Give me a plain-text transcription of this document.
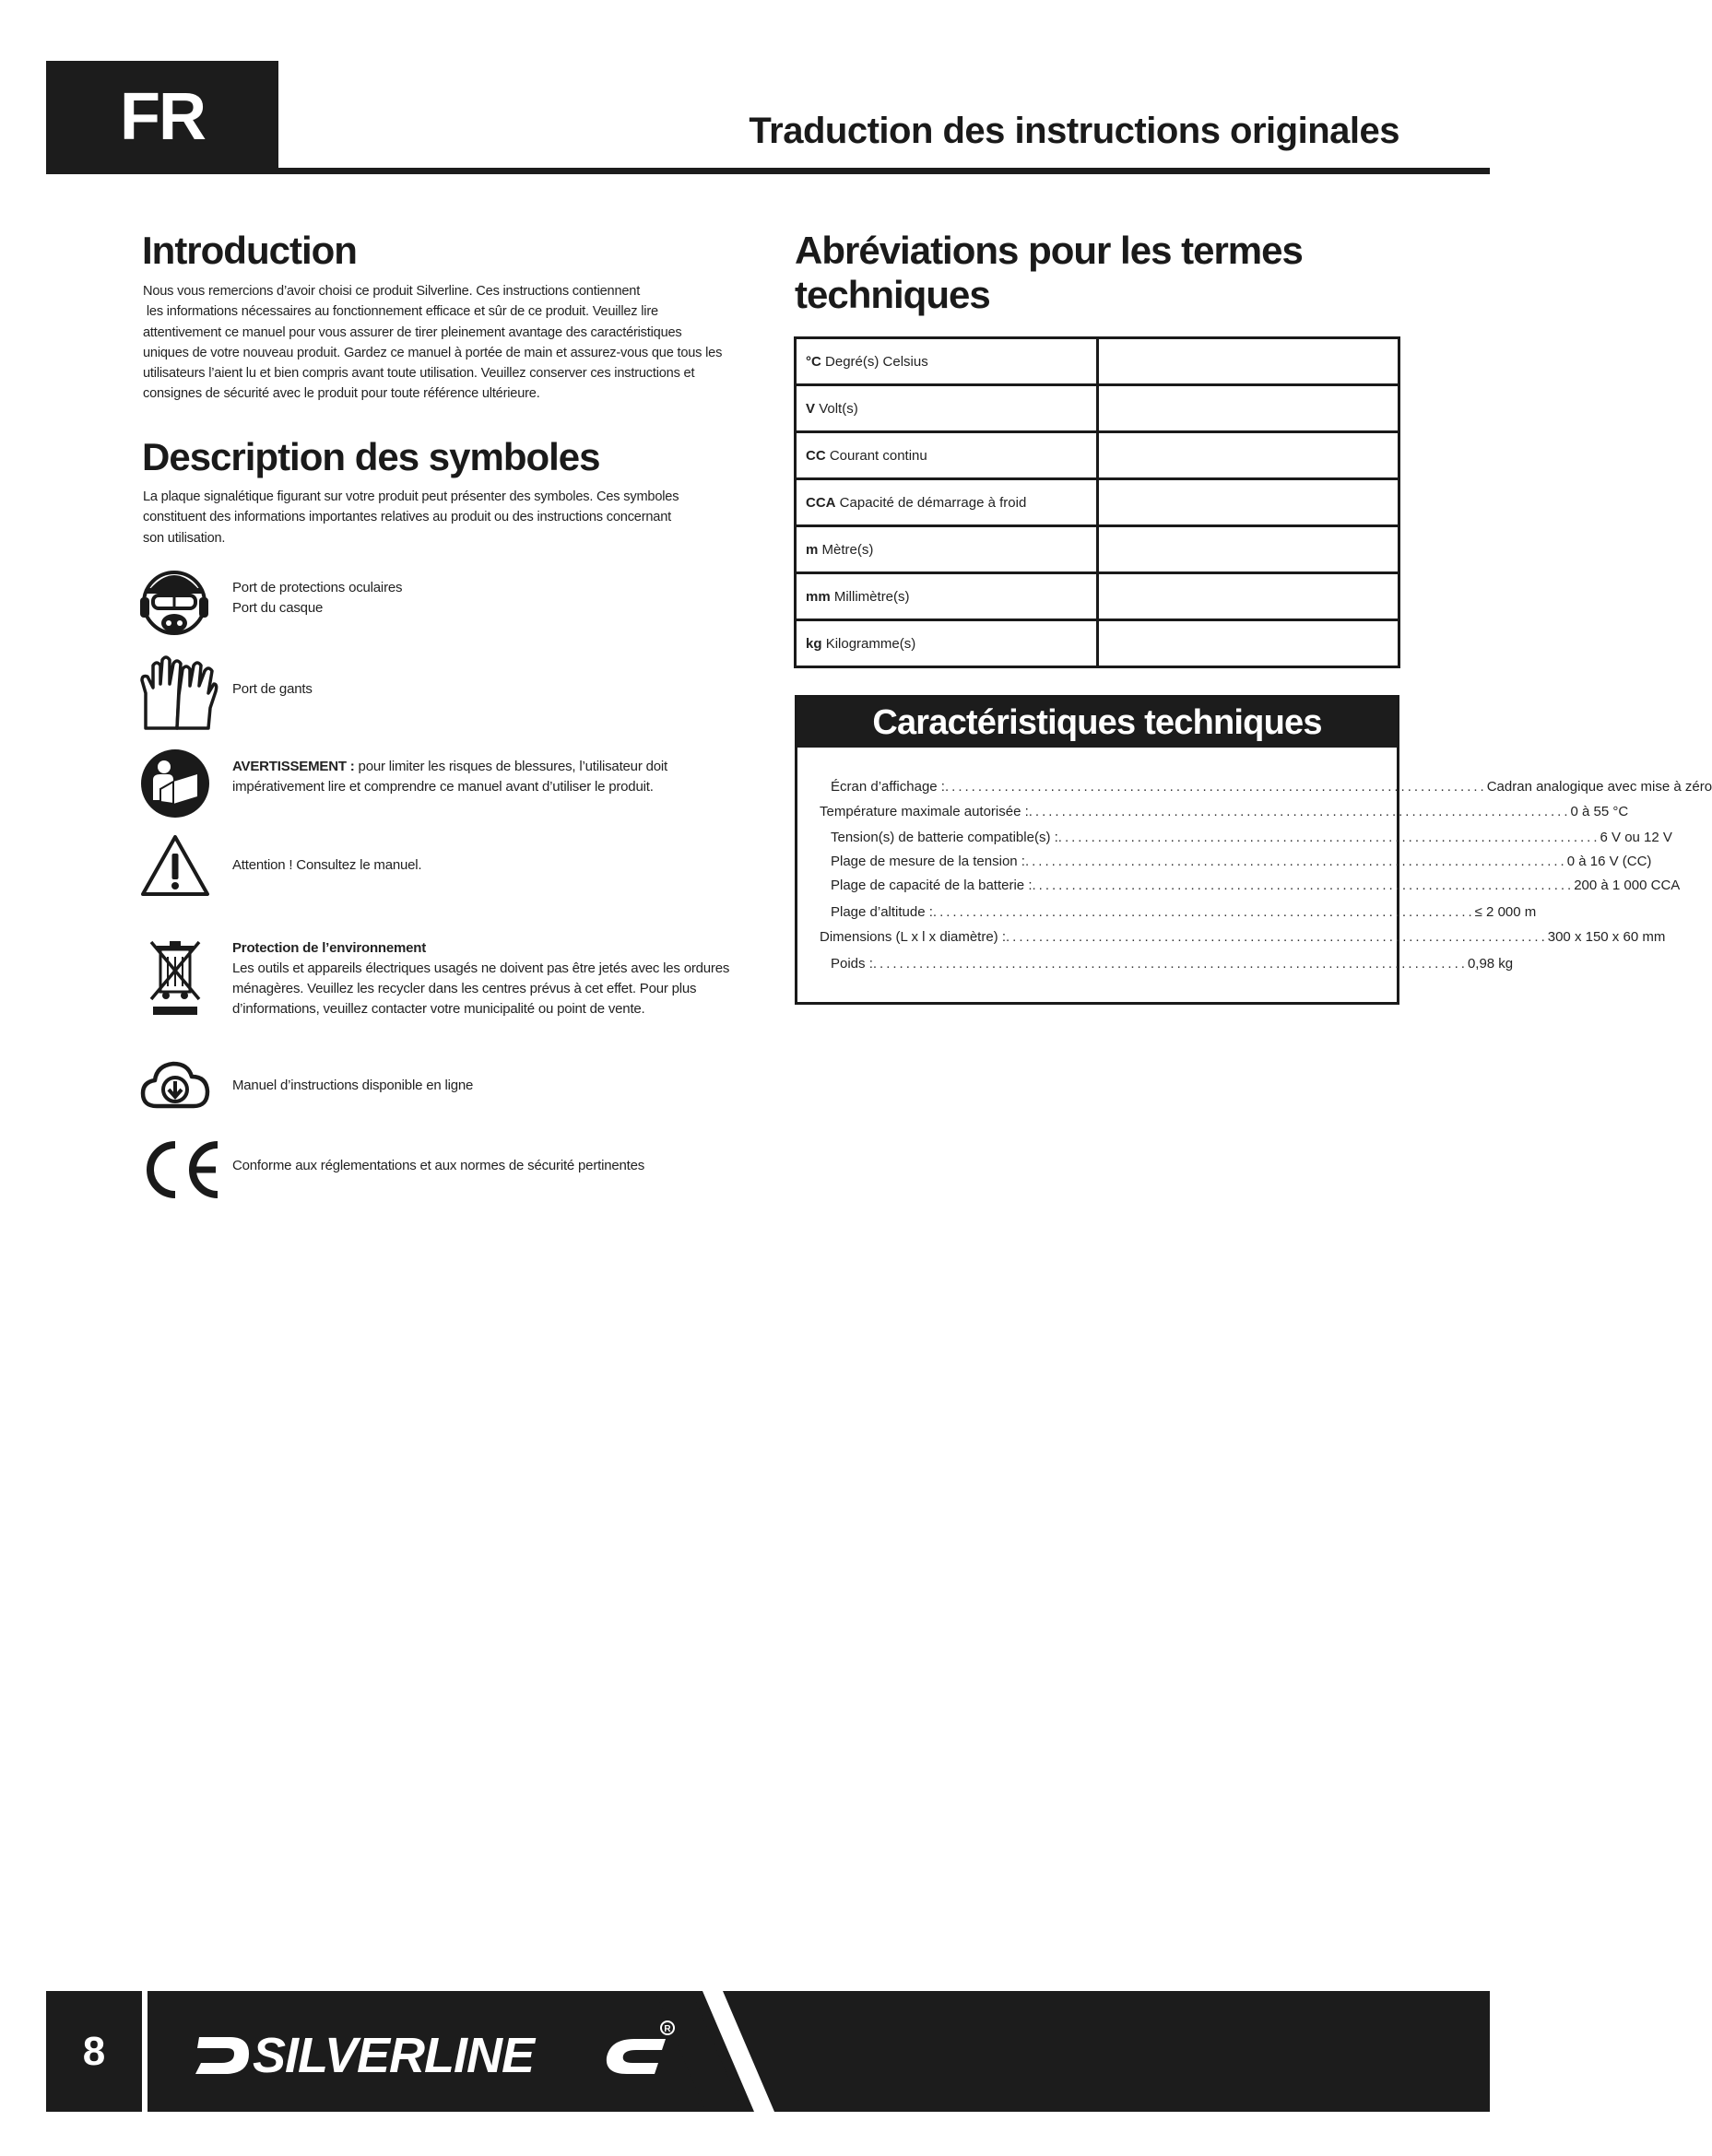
FR	Traduction des instructions originales
Introduction
Nous vous remercions d’avoir choisi ce produit Silverline. Ces instructions contiennent
les informations nécessaires au fonctionnement efficace et sûr de ce produit. Veuillez lire
attentivement ce manuel pour vous assurer de tirer pleinement avantage des caractéristiques
uniques de votre nouveau produit. Gardez ce manuel à portée de main et assurez-vous que tous les
utilisateurs l’aient lu et bien compris avant toute utilisation. Veuillez conserver ces instructions et
consignes de sécurité avec le produit pour toute référence ultérieure.
Description des symboles
La plaque signalétique figurant sur votre produit peut présenter des symboles. Ces symboles
constituent des informations importantes relatives au produit ou des instructions concernant
son utilisation.
Port de protections oculaires
Port du casque
Port de gants
AVERTISSEMENT : pour limiter les risques de blessures, l’utilisateur doit
impérativement lire et comprendre ce manuel avant d’utiliser le produit.
Attention ! Consultez le manuel.
Protection de l’environnement
Les outils et appareils électriques usagés ne doivent pas être jetés avec les ordures
ménagères. Veuillez les recycler dans les centres prévus à cet effet. Pour plus
d’informations, veuillez contacter votre municipalité ou point de vente.
Manuel d’instructions disponible en ligne
Conforme aux réglementations et aux normes de sécurité pertinentes
Abréviations pour les termes
techniques
°C Degré(s) Celsius	
V Volt(s)	
CC Courant continu	
CCA Capacité de démarrage à froid	
m Mètre(s)	
mm Millimètre(s)	
kg Kilogramme(s)	
Caractéristiques techniques
Écran d’affichage : .................................................................................. Cadran analogique avec mise à zéro
Température maximale autorisée : .................................................................................. 0 à 55 °C
Tension(s) de batterie compatible(s) : .................................................................................. 6 V ou 12 V
Plage de mesure de la tension : .................................................................................. 0 à 16 V (CC)
Plage de capacité de la batterie : .................................................................................. 200 à 1 000 CCA
Plage d’altitude : .................................................................................. ≤ 2 000 m
Dimensions (L x l x diamètre) : .................................................................................. 300 x 150 x 60 mm
Poids : .......................................................................................... 0,98 kg
8	SILVERLINE	R
